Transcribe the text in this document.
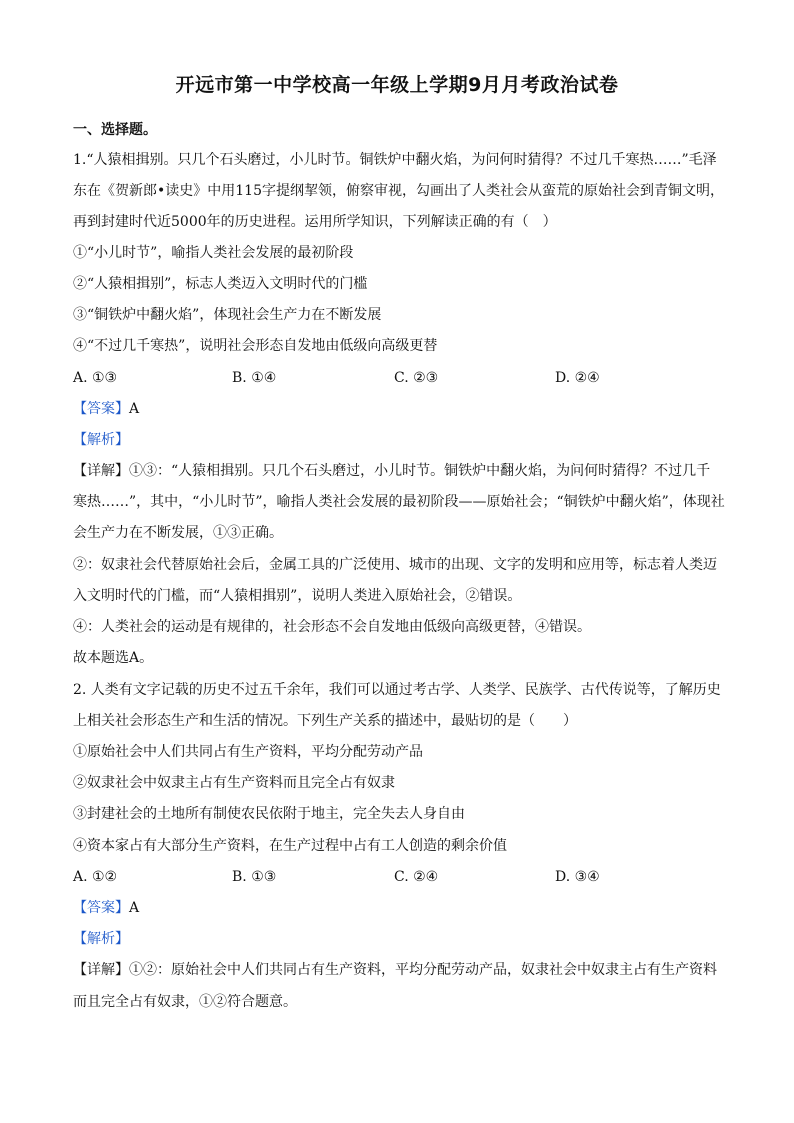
开远市第一中学校高一年级上学期9月月考政治试卷
一、选择题。
1.“人猿相揖别。只几个石头磨过，小儿时节。铜铁炉中翻火焰，为问何时猜得？不过几千寒热……”毛泽
东在《贺新郎•读史》中用115字提纲挈领，俯察审视，勾画出了人类社会从蛮荒的原始社会到青铜文明，
再到封建时代近5000年的历史进程。运用所学知识，下列解读正确的有（　）
①“小儿时节”，喻指人类社会发展的最初阶段
②“人猿相揖别”，标志人类迈入文明时代的门槛
③“铜铁炉中翻火焰”，体现社会生产力在不断发展
④“不过几千寒热”，说明社会形态自发地由低级向高级更替
A. ①③	B. ①④	C. ②③	D. ②④
【答案】A
【解析】
【详解】①③：“人猿相揖别。只几个石头磨过，小儿时节。铜铁炉中翻火焰，为问何时猜得？不过几千
寒热……”，其中，“小儿时节”，喻指人类社会发展的最初阶段——原始社会；“铜铁炉中翻火焰”，体现社
会生产力在不断发展，①③正确。
②：奴隶社会代替原始社会后，金属工具的广泛使用、城市的出现、文字的发明和应用等，标志着人类迈
入文明时代的门槛，而“人猿相揖别”，说明人类进入原始社会，②错误。
④：人类社会的运动是有规律的，社会形态不会自发地由低级向高级更替，④错误。
故本题选A。
2. 人类有文字记载的历史不过五千余年，我们可以通过考古学、人类学、民族学、古代传说等，了解历史
上相关社会形态生产和生活的情况。下列生产关系的描述中，最贴切的是（　　）
①原始社会中人们共同占有生产资料，平均分配劳动产品
②奴隶社会中奴隶主占有生产资料而且完全占有奴隶
③封建社会的土地所有制使农民依附于地主，完全失去人身自由
④资本家占有大部分生产资料，在生产过程中占有工人创造的剩余价值
A. ①②	B. ①③	C. ②④	D. ③④
【答案】A
【解析】
【详解】①②：原始社会中人们共同占有生产资料，平均分配劳动产品，奴隶社会中奴隶主占有生产资料
而且完全占有奴隶，①②符合题意。
